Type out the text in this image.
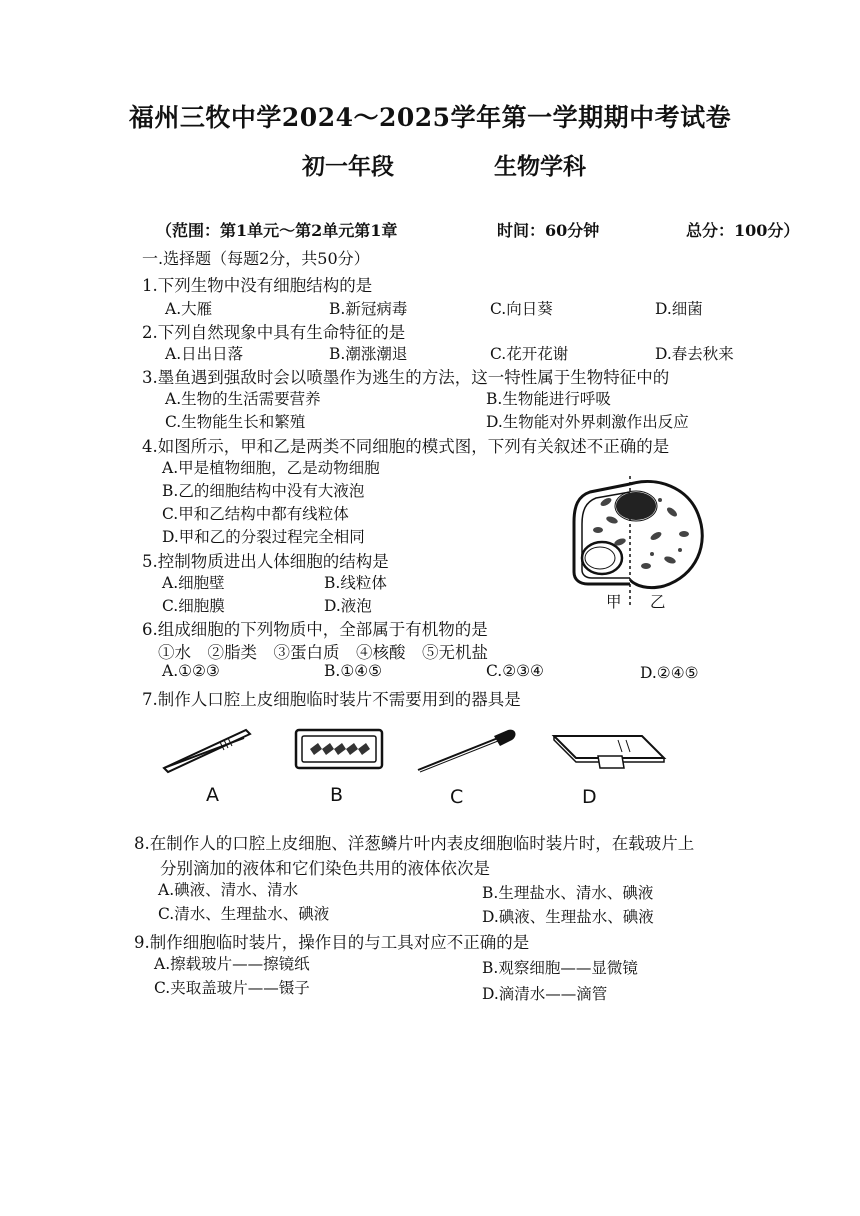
福州三牧中学2024～2025学年第一学期期中考试卷
初一年段	生物学科
（范围：第1单元～第2单元第1章	时间：60分钟	总分：100分）
一.选择题（每题2分，共50分）
1.下列生物中没有细胞结构的是
A.大雁	B.新冠病毒	C.向日葵	D.细菌
2.下列自然现象中具有生命特征的是
A.日出日落	B.潮涨潮退	C.花开花谢	D.春去秋来
3.墨鱼遇到强敌时会以喷墨作为逃生的方法，这一特性属于生物特征中的
A.生物的生活需要营养	B.生物能进行呼吸
C.生物能生长和繁殖	D.生物能对外界刺激作出反应
4.如图所示，甲和乙是两类不同细胞的模式图，下列有关叙述不正确的是
A.甲是植物细胞，乙是动物细胞
B.乙的细胞结构中没有大液泡
C.甲和乙结构中都有线粒体
D.甲和乙的分裂过程完全相同
甲 乙
5.控制物质进出人体细胞的结构是
A.细胞壁	B.线粒体
C.细胞膜	D.液泡
6.组成细胞的下列物质中，全部属于有机物的是
①水　②脂类　③蛋白质　④核酸　⑤无机盐
A.①②③	B.①④⑤	C.②③④	D.②④⑤
7.制作人口腔上皮细胞临时装片不需要用到的器具是
A	B	C	D
8.在制作人的口腔上皮细胞、洋葱鳞片叶内表皮细胞临时装片时，在载玻片上
分别滴加的液体和它们染色共用的液体依次是
A.碘液、清水、清水	B.生理盐水、清水、碘液
C.清水、生理盐水、碘液	D.碘液、生理盐水、碘液
9.制作细胞临时装片，操作目的与工具对应不正确的是
A.擦载玻片——擦镜纸	B.观察细胞——显微镜
C.夹取盖玻片——镊子	D.滴清水——滴管
